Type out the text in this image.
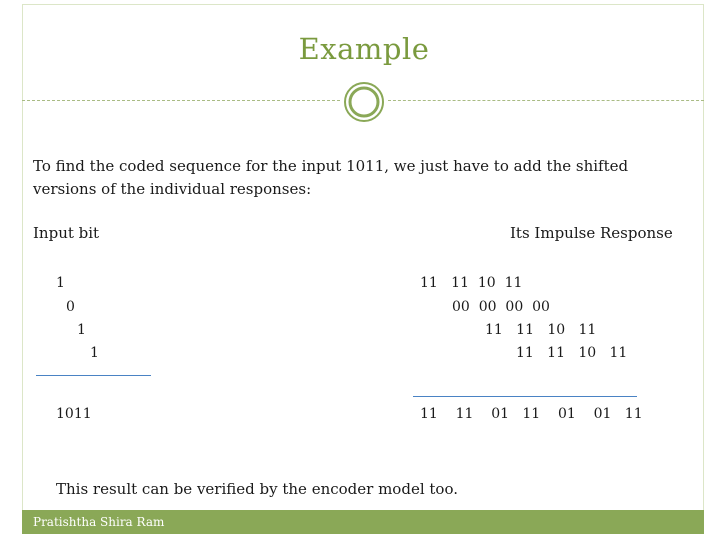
Example
To find the coded sequence for the input 1011, we just have to add the shifted
versions of the individual responses:
Input bit	Its Impulse Response
1
0
1
1
11   11  10  11
00  00  00  00
11   11   10   11
11   11   10   11
1011	11    11    01   11    01    01   11
This result can be verified by the encoder model too.
Pratishtha Shira Ram
